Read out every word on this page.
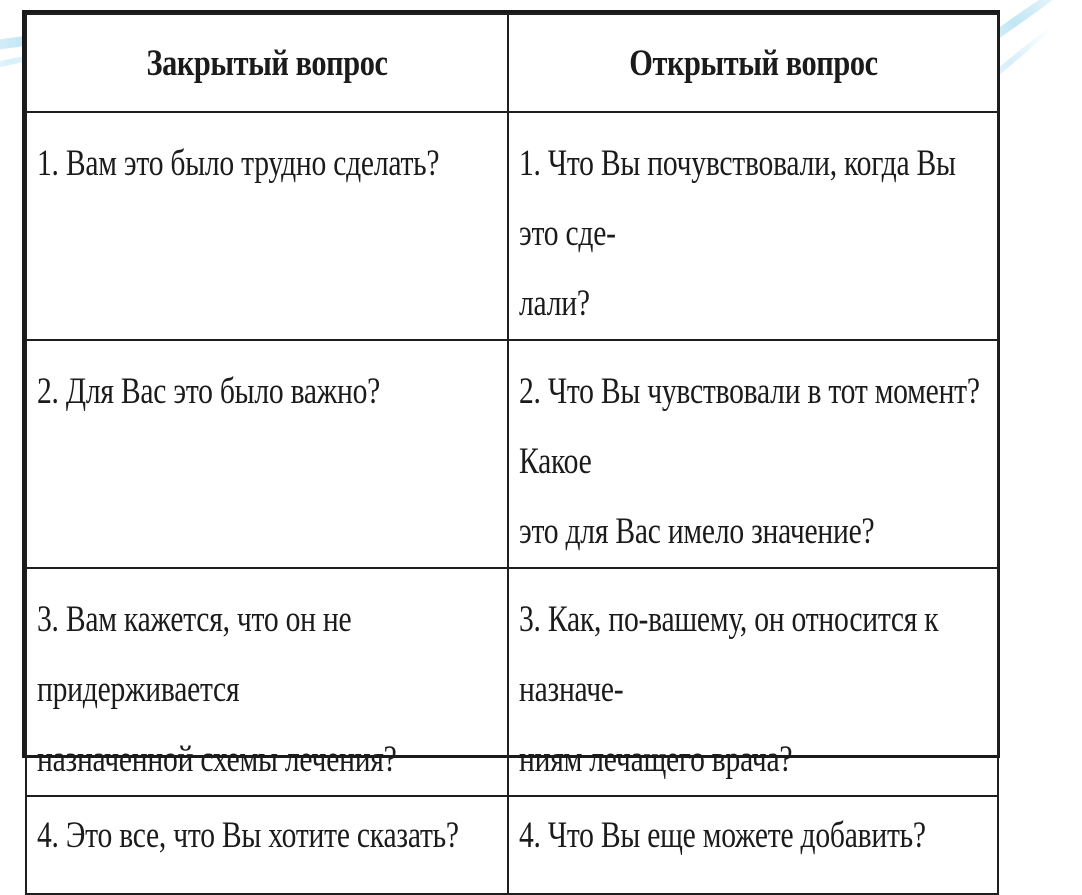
Закрытый вопрос	Открытый вопрос

1. Вам это было трудно сделать?	1. Что Вы почувствовали, когда Вы это сде-
лали?

2. Для Вас это было важно?	2. Что Вы чувствовали в тот момент? Какое
это для Вас имело значение?

3. Вам кажется, что он не придерживается
назначенной схемы лечения?	3. Как, по-вашему, он относится к назначе-
ниям лечащего врача?

4. Это все, что Вы хотите сказать?	4. Что Вы еще можете добавить?
